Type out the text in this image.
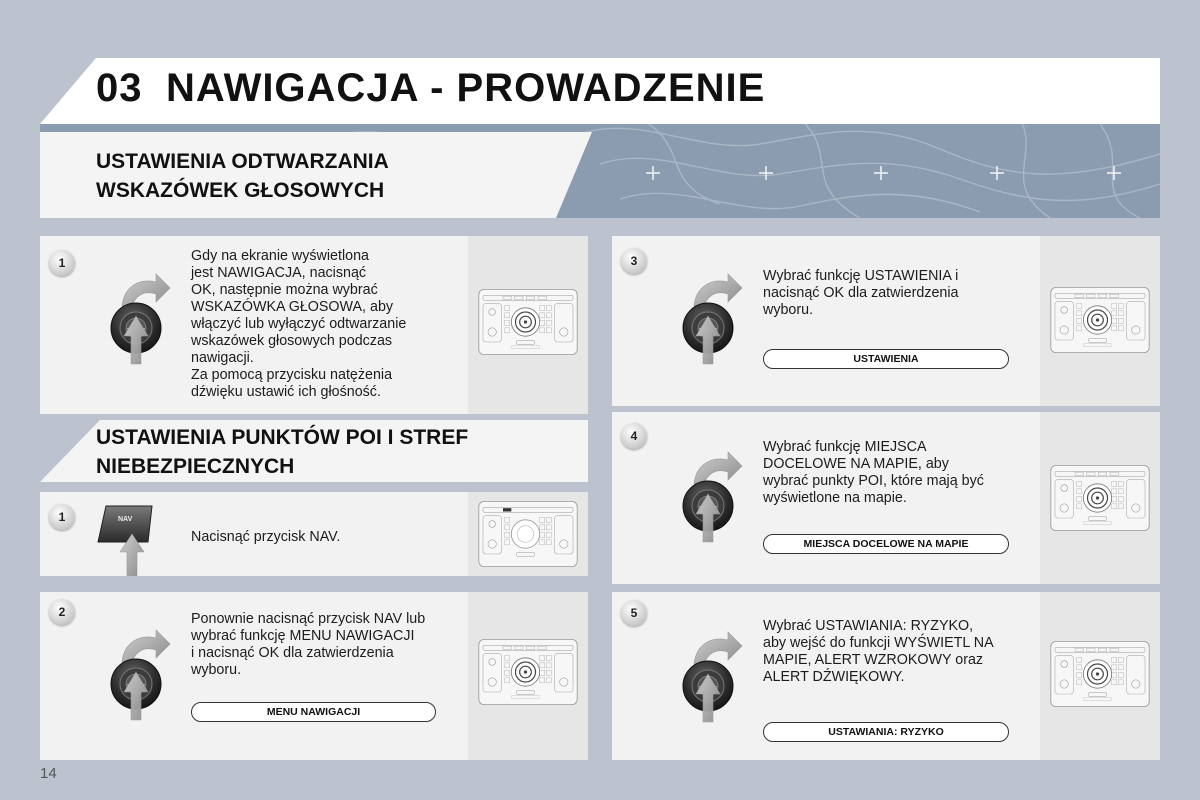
03 NAWIGACJA - PROWADZENIE
USTAWIENIA ODTWARZANIA
WSKAZÓWEK GŁOSOWYCH
USTAWIENIA PUNKTÓW POI I STREF
NIEBEZPIECZNYCH
1	Gdy na ekranie wyświetlona
jest NAWIGACJA, nacisnąć
OK, następnie można wybrać
WSKAZÓWKA GŁOSOWA, aby
włączyć lub wyłączyć odtwarzanie
wskazówek głosowych podczas
nawigacji.
Za pomocą przycisku natężenia
dźwięku ustawić ich głośność.
1	NAV
Nacisnąć przycisk NAV.
2	Ponownie nacisnąć przycisk NAV lub
wybrać funkcję MENU NAWIGACJI
i nacisnąć OK dla zatwierdzenia
wyboru.
MENU NAWIGACJI
3
Wybrać funkcję USTAWIENIA i
nacisnąć OK dla zatwierdzenia
wyboru.
USTAWIENIA
4
Wybrać funkcję MIEJSCA
DOCELOWE NA MAPIE, aby
wybrać punkty POI, które mają być
wyświetlone na mapie.
MIEJSCA DOCELOWE NA MAPIE
5
Wybrać USTAWIANIA: RYZYKO,
aby wejść do funkcji WYŚWIETL NA
MAPIE, ALERT WZROKOWY oraz
ALERT DŹWIĘKOWY.
USTAWIANIA: RYZYKO
14
